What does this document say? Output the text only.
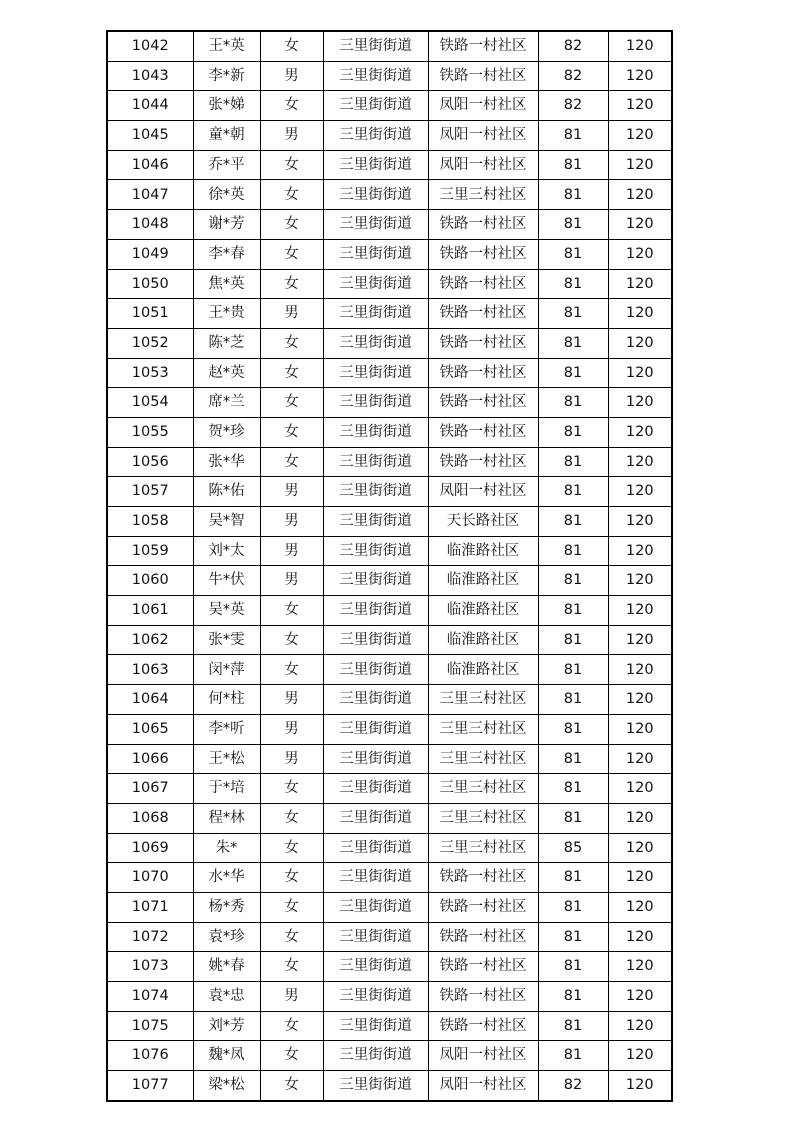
1042	王*英	女	三里街街道	铁路一村社区	82	120
1043	李*新	男	三里街街道	铁路一村社区	82	120
1044	张*娣	女	三里街街道	凤阳一村社区	82	120
1045	童*朝	男	三里街街道	凤阳一村社区	81	120
1046	乔*平	女	三里街街道	凤阳一村社区	81	120
1047	徐*英	女	三里街街道	三里三村社区	81	120
1048	谢*芳	女	三里街街道	铁路一村社区	81	120
1049	李*春	女	三里街街道	铁路一村社区	81	120
1050	焦*英	女	三里街街道	铁路一村社区	81	120
1051	王*贵	男	三里街街道	铁路一村社区	81	120
1052	陈*芝	女	三里街街道	铁路一村社区	81	120
1053	赵*英	女	三里街街道	铁路一村社区	81	120
1054	席*兰	女	三里街街道	铁路一村社区	81	120
1055	贺*珍	女	三里街街道	铁路一村社区	81	120
1056	张*华	女	三里街街道	铁路一村社区	81	120
1057	陈*佑	男	三里街街道	凤阳一村社区	81	120
1058	吴*智	男	三里街街道	天长路社区	81	120
1059	刘*太	男	三里街街道	临淮路社区	81	120
1060	牛*伏	男	三里街街道	临淮路社区	81	120
1061	吴*英	女	三里街街道	临淮路社区	81	120
1062	张*雯	女	三里街街道	临淮路社区	81	120
1063	闵*萍	女	三里街街道	临淮路社区	81	120
1064	何*柱	男	三里街街道	三里三村社区	81	120
1065	李*听	男	三里街街道	三里三村社区	81	120
1066	王*松	男	三里街街道	三里三村社区	81	120
1067	于*培	女	三里街街道	三里三村社区	81	120
1068	程*林	女	三里街街道	三里三村社区	81	120
1069	朱*	女	三里街街道	三里三村社区	85	120
1070	水*华	女	三里街街道	铁路一村社区	81	120
1071	杨*秀	女	三里街街道	铁路一村社区	81	120
1072	袁*珍	女	三里街街道	铁路一村社区	81	120
1073	姚*春	女	三里街街道	铁路一村社区	81	120
1074	袁*忠	男	三里街街道	铁路一村社区	81	120
1075	刘*芳	女	三里街街道	铁路一村社区	81	120
1076	魏*凤	女	三里街街道	凤阳一村社区	81	120
1077	梁*松	女	三里街街道	凤阳一村社区	82	120
